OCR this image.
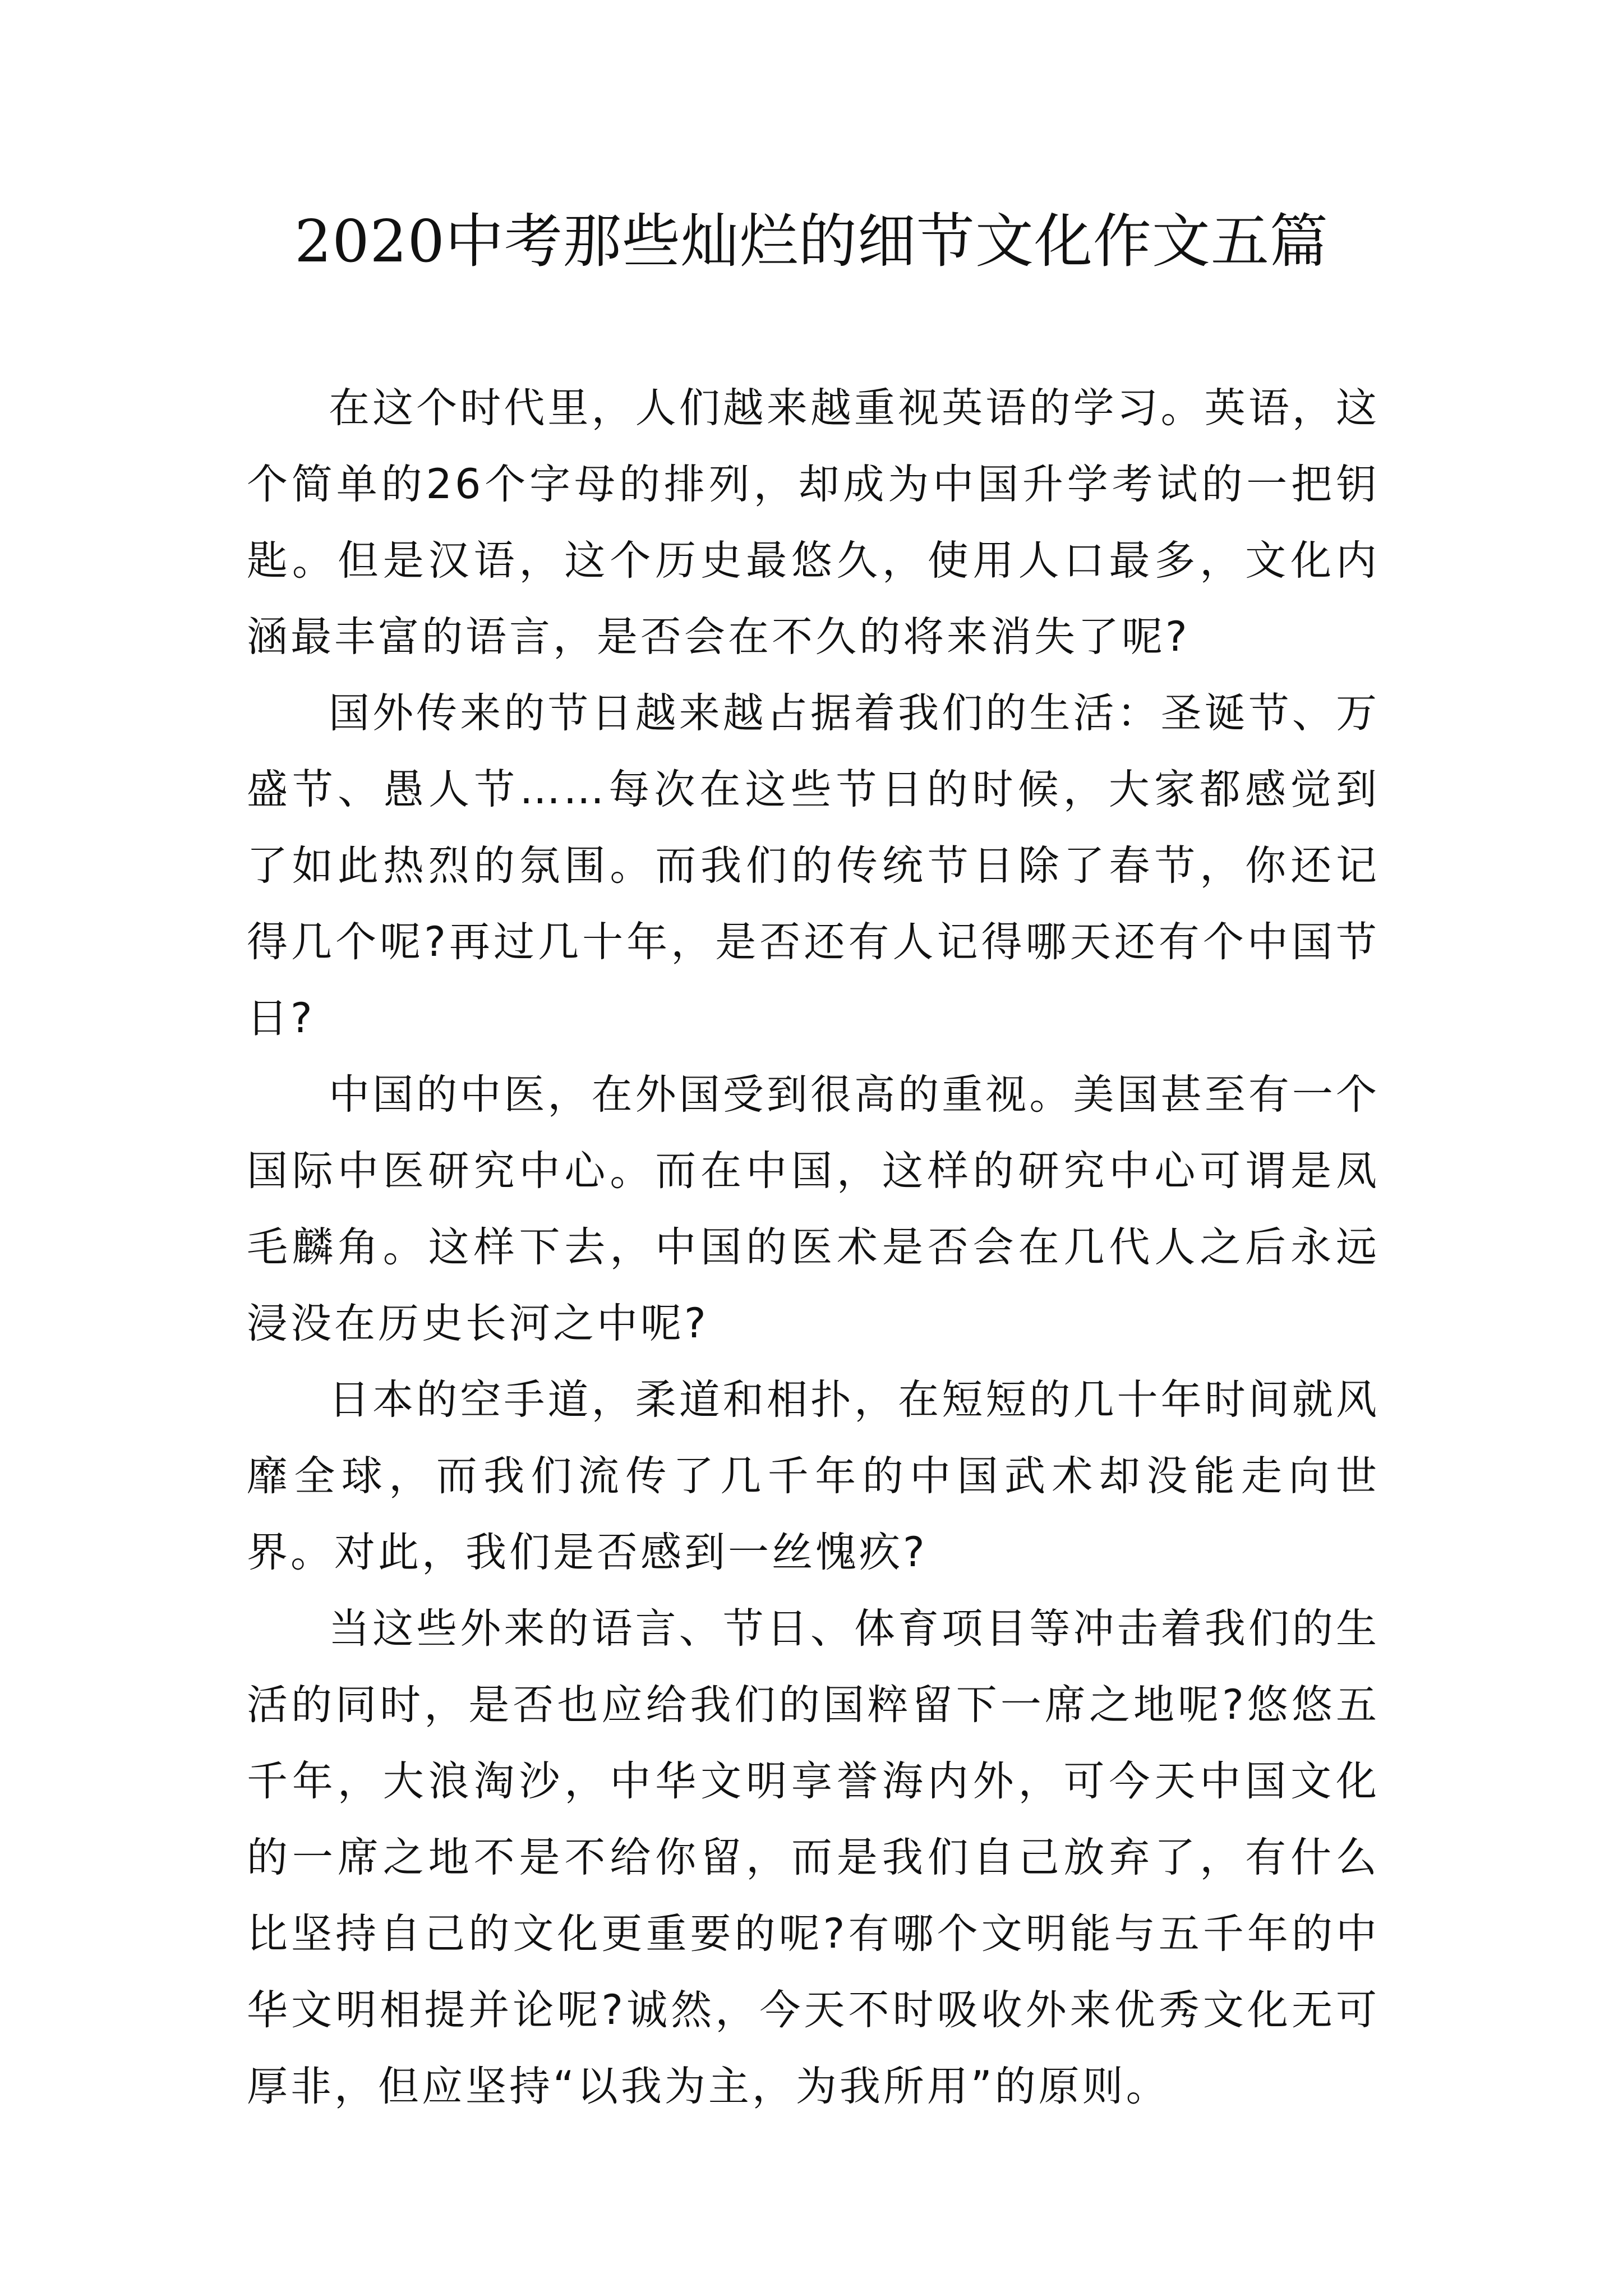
2020中考那些灿烂的细节文化作文五篇

在这个时代里，人们越来越重视英语的学习。英语，这个简单的26个字母的排列，却成为中国升学考试的一把钥匙。但是汉语，这个历史最悠久，使用人口最多，文化内涵最丰富的语言，是否会在不久的将来消失了呢?

国外传来的节日越来越占据着我们的生活：圣诞节、万盛节、愚人节……每次在这些节日的时候，大家都感觉到了如此热烈的氛围。而我们的传统节日除了春节，你还记得几个呢?再过几十年，是否还有人记得哪天还有个中国节日?

中国的中医，在外国受到很高的重视。美国甚至有一个国际中医研究中心。而在中国，这样的研究中心可谓是凤毛麟角。这样下去，中国的医术是否会在几代人之后永远浸没在历史长河之中呢?

日本的空手道，柔道和相扑，在短短的几十年时间就风靡全球，而我们流传了几千年的中国武术却没能走向世界。对此，我们是否感到一丝愧疚?

当这些外来的语言、节日、体育项目等冲击着我们的生活的同时，是否也应给我们的国粹留下一席之地呢?悠悠五千年，大浪淘沙，中华文明享誉海内外，可今天中国文化的一席之地不是不给你留，而是我们自己放弃了，有什么比坚持自己的文化更重要的呢?有哪个文明能与五千年的中华文明相提并论呢?诚然，今天不时吸收外来优秀文化无可厚非，但应坚持“以我为主，为我所用”的原则。
